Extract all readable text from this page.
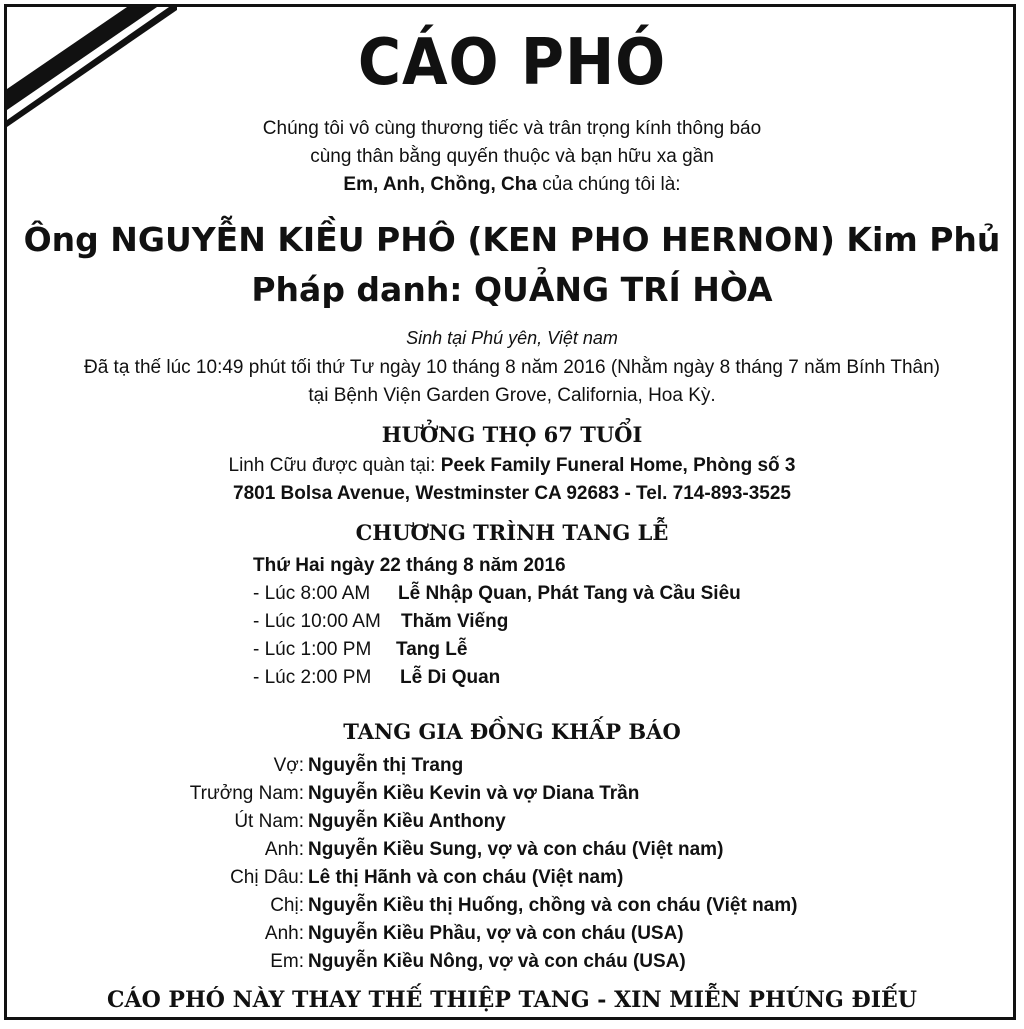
CÁO PHÓ
Chúng tôi vô cùng thương tiếc và trân trọng kính thông báo
cùng thân bằng quyến thuộc và bạn hữu xa gần
Em, Anh, Chồng, Cha của chúng tôi là:
Ông NGUYỄN KIỀU PHÔ (KEN PHO HERNON) Kim Phủ
Pháp danh: QUẢNG TRÍ HÒA
Sinh tại Phú yên, Việt nam
Đã tạ thế lúc 10:49 phút tối thứ Tư ngày 10 tháng 8 năm 2016 (Nhằm ngày 8 tháng 7 năm Bính Thân)
tại Bệnh Viện Garden Grove, California, Hoa Kỳ.
HƯỞNG THỌ 67 TUỔI
Linh Cữu được quàn tại: Peek Family Funeral Home, Phòng số 3
7801 Bolsa Avenue, Westminster CA 92683 - Tel. 714-893-3525
CHƯƠNG TRÌNH TANG LỄ
Thứ Hai ngày 22 tháng 8 năm 2016
- Lúc 8:00 AM Lễ Nhập Quan, Phát Tang và Cầu Siêu
- Lúc 10:00 AM Thăm Viếng
- Lúc 1:00 PM Tang Lễ
- Lúc 2:00 PM Lễ Di Quan
TANG GIA ĐỒNG KHẤP BÁO
Vợ: Nguyễn thị Trang
Trưởng Nam: Nguyễn Kiều Kevin và vợ Diana Trần
Út Nam: Nguyễn Kiều Anthony
Anh: Nguyễn Kiều Sung, vợ và con cháu (Việt nam)
Chị Dâu: Lê thị Hãnh và con cháu (Việt nam)
Chị: Nguyễn Kiều thị Huống, chồng và con cháu (Việt nam)
Anh: Nguyễn Kiều Phầu, vợ và con cháu (USA)
Em: Nguyễn Kiều Nông, vợ và con cháu (USA)
CÁO PHÓ NÀY THAY THẾ THIỆP TANG - XIN MIỄN PHÚNG ĐIẾU
